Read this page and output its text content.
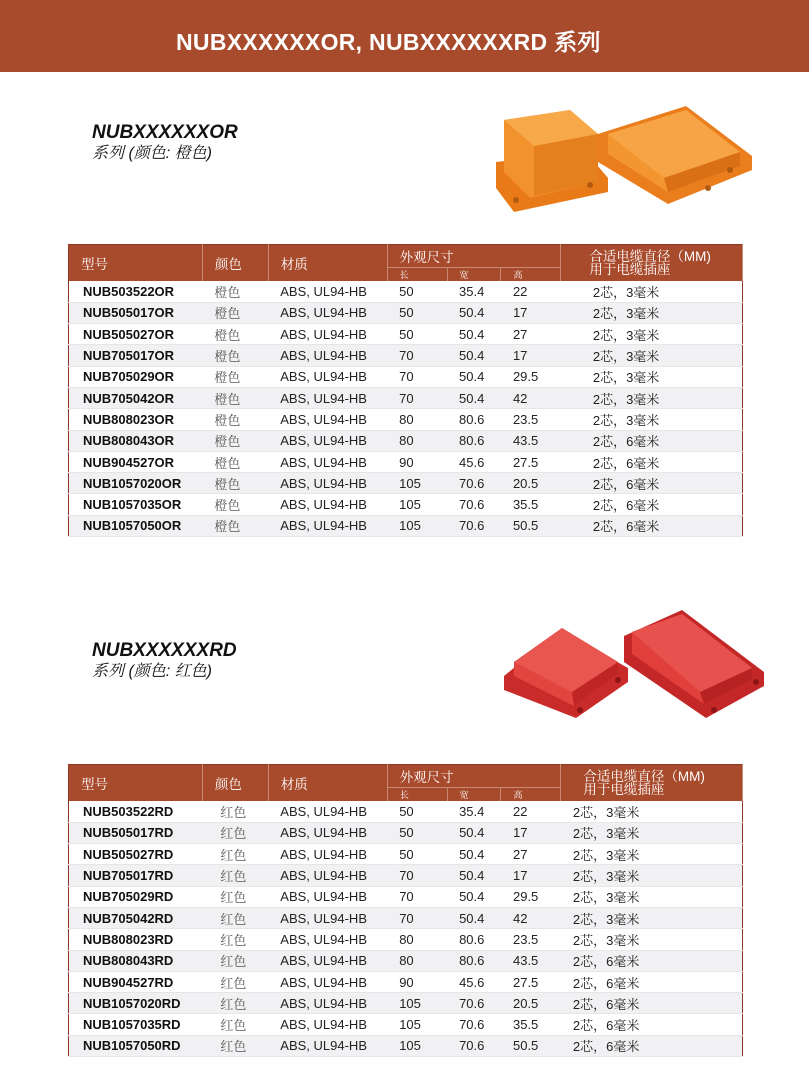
NUBXXXXXXOR, NUBXXXXXXRD 系列
NUBXXXXXXOR
系列 (颜色: 橙色)
型号	颜色	材质	外观尺寸			合适电缆直径（MM)
用于电缆插座

			长	宽	高	
NUB503522OR	橙色	ABS, UL94-HB	50	35.4	22	2芯，3毫米
NUB505017OR	橙色	ABS, UL94-HB	50	50.4	17	2芯，3毫米
NUB505027OR	橙色	ABS, UL94-HB	50	50.4	27	2芯，3毫米
NUB705017OR	橙色	ABS, UL94-HB	70	50.4	17	2芯，3毫米
NUB705029OR	橙色	ABS, UL94-HB	70	50.4	29.5	2芯，3毫米
NUB705042OR	橙色	ABS, UL94-HB	70	50.4	42	2芯，3毫米
NUB808023OR	橙色	ABS, UL94-HB	80	80.6	23.5	2芯，3毫米
NUB808043OR	橙色	ABS, UL94-HB	80	80.6	43.5	2芯，6毫米
NUB904527OR	橙色	ABS, UL94-HB	90	45.6	27.5	2芯，6毫米
NUB1057020OR	橙色	ABS, UL94-HB	105	70.6	20.5	2芯，6毫米
NUB1057035OR	橙色	ABS, UL94-HB	105	70.6	35.5	2芯，6毫米
NUB1057050OR	橙色	ABS, UL94-HB	105	70.6	50.5	2芯，6毫米
NUBXXXXXXRD
系列 (颜色: 红色)
型号	颜色	材质	外观尺寸			合适电缆直径（MM)
用于电缆插座

			长	宽	高	
NUB503522RD	红色	ABS, UL94-HB	50	35.4	22	2芯，3毫米
NUB505017RD	红色	ABS, UL94-HB	50	50.4	17	2芯，3毫米
NUB505027RD	红色	ABS, UL94-HB	50	50.4	27	2芯，3毫米
NUB705017RD	红色	ABS, UL94-HB	70	50.4	17	2芯，3毫米
NUB705029RD	红色	ABS, UL94-HB	70	50.4	29.5	2芯，3毫米
NUB705042RD	红色	ABS, UL94-HB	70	50.4	42	2芯，3毫米
NUB808023RD	红色	ABS, UL94-HB	80	80.6	23.5	2芯，3毫米
NUB808043RD	红色	ABS, UL94-HB	80	80.6	43.5	2芯，6毫米
NUB904527RD	红色	ABS, UL94-HB	90	45.6	27.5	2芯，6毫米
NUB1057020RD	红色	ABS, UL94-HB	105	70.6	20.5	2芯，6毫米
NUB1057035RD	红色	ABS, UL94-HB	105	70.6	35.5	2芯，6毫米
NUB1057050RD	红色	ABS, UL94-HB	105	70.6	50.5	2芯，6毫米
